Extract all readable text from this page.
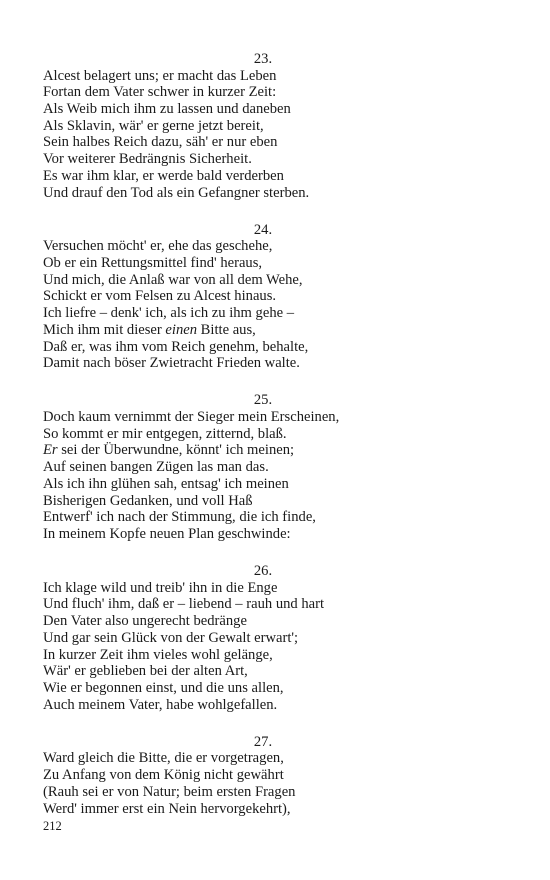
23.
Alcest belagert uns; er macht das Leben
Fortan dem Vater schwer in kurzer Zeit:
Als Weib mich ihm zu lassen und daneben
Als Sklavin, wär' er gerne jetzt bereit,
Sein halbes Reich dazu, säh' er nur eben
Vor weiterer Bedrängnis Sicherheit.
Es war ihm klar, er werde bald verderben
Und drauf den Tod als ein Gefangner sterben.
24.
Versuchen möcht' er, ehe das geschehe,
Ob er ein Rettungsmittel find' heraus,
Und mich, die Anlaß war von all dem Wehe,
Schickt er vom Felsen zu Alcest hinaus.
Ich liefre – denk' ich, als ich zu ihm gehe –
Mich ihm mit dieser einen Bitte aus,
Daß er, was ihm vom Reich genehm, behalte,
Damit nach böser Zwietracht Frieden walte.
25.
Doch kaum vernimmt der Sieger mein Erscheinen,
So kommt er mir entgegen, zitternd, blaß.
Er sei der Überwundne, könnt' ich meinen;
Auf seinen bangen Zügen las man das.
Als ich ihn glühen sah, entsag' ich meinen
Bisherigen Gedanken, und voll Haß
Entwerf' ich nach der Stimmung, die ich finde,
In meinem Kopfe neuen Plan geschwinde:
26.
Ich klage wild und treib' ihn in die Enge
Und fluch' ihm, daß er – liebend – rauh und hart
Den Vater also ungerecht bedränge
Und gar sein Glück von der Gewalt erwart';
In kurzer Zeit ihm vieles wohl gelänge,
Wär' er geblieben bei der alten Art,
Wie er begonnen einst, und die uns allen,
Auch meinem Vater, habe wohlgefallen.
27.
Ward gleich die Bitte, die er vorgetragen,
Zu Anfang von dem König nicht gewährt
(Rauh sei er von Natur; beim ersten Fragen
Werd' immer erst ein Nein hervorgekehrt),
212
